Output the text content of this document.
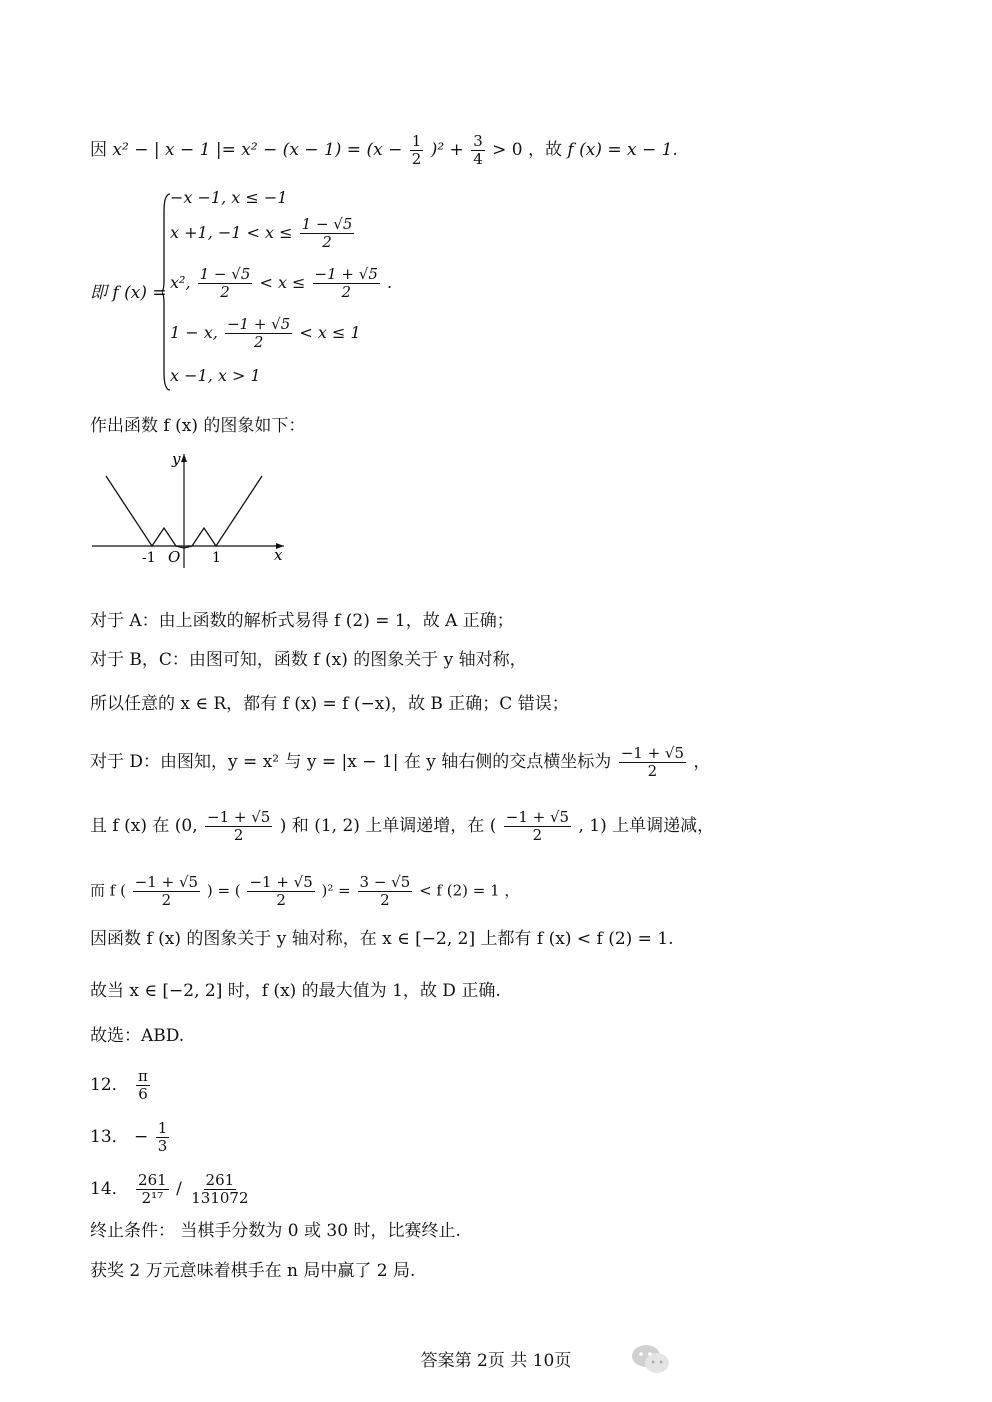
因 x² − | x − 1 |= $x^2 - (x - 1) = (x - \frac{1}{2} )^2 + \frac{3}{4} > 0$ ，故 f (x) = x − 1.
即 f (x) =
−x −1, x ≤ −1
x +1, $-1 < x \le \frac{1 - √5}{2}$
x², $\frac{1 - √5}{2} < x \le \frac{-1 + √5}{2}$ .
1 − x, $\frac{-1 + √5}{2} < x \le 1$
x −1, x > 1
作出函数 f (x) 的图象如下：
y
x
O
-1	1
对于 A：由上函数的解析式易得 f (2) = 1，故 A 正确；
对于 B，C：由图可知，函数 f (x) 的图象关于 y 轴对称，
所以任意的 x ∈ R，都有 f (x) = f (−x)，故 B 正确；C 错误；
对于 D：由图知，y = x² 与 y = |x − 1| 在 y 轴右侧的交点横坐标为 $\frac{-1 + √5}{2}$ ，
且 f (x) 在 (0, $\frac{-1 + √5}{2}$ ) 和 (1, 2) 上单调递增，在 ( $\frac{-1 + √5}{2}$ , 1) 上单调递减，
而 f ( $\frac{-1 + √5}{2}$ ) = ( $\frac{-1 + √5}{2} )^2 = \frac{3 - √5}{2} < f$ (2) = 1 ，
因函数 f (x) 的图象关于 y 轴对称，在 x ∈ [−2, 2] 上都有 f (x) < f (2) = 1.
故当 x ∈ [−2, 2] 时，f (x) 的最大值为 1，故 D 正确.
故选：ABD.
12． $\frac{\pi}{6}$
13． − $\frac{1}{3}$
14． $\frac{261}{\text{2¹⁷}} / \frac{261}{131072}$
终止条件： 当棋手分数为 0 或 30 时，比赛终止.
获奖 2 万元意味着棋手在 n 局中赢了 2 局.
答案第 2页 共 10页
